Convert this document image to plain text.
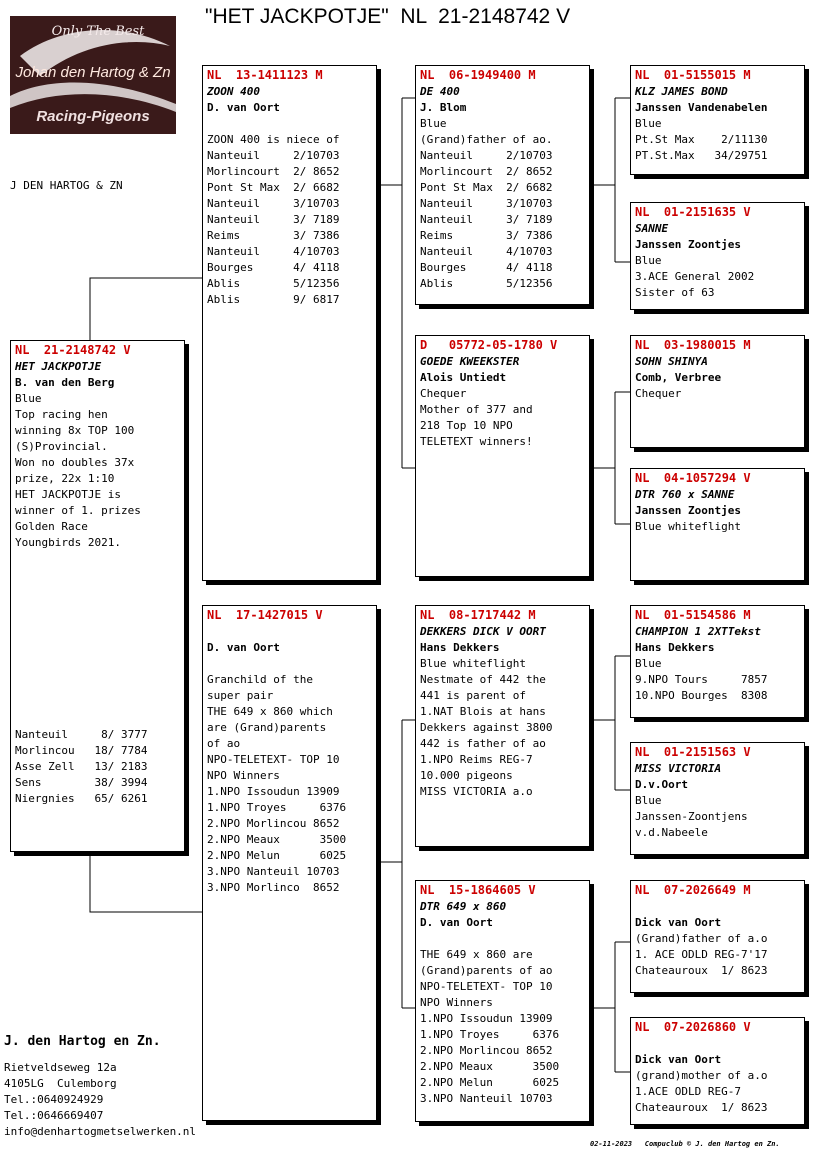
"HET JACKPOTJE"  NL  21-2148742 V
Only The Best
Johan den Hartog & Zn
Racing-Pigeons
J DEN HARTOG & ZN
NL  21-2148742 V
HET JACKPOTJE
B. van den Berg
Blue
Top racing hen
winning 8x TOP 100
(S)Provincial.
Won no doubles 37x
prize, 22x 1:10
HET JACKPOTJE is
winner of 1. prizes
Golden Race
Youngbirds 2021.
Nanteuil     8/ 3777
Morlincou   18/ 7784
Asse Zell   13/ 2183
Sens        38/ 3994
Niergnies   65/ 6261
NL  13-1411123 M
ZOON 400
D. van Oort
ZOON 400 is niece of
Nanteuil     2/10703
Morlincourt  2/ 8652
Pont St Max  2/ 6682
Nanteuil     3/10703
Nanteuil     3/ 7189
Reims        3/ 7386
Nanteuil     4/10703
Bourges      4/ 4118
Ablis        5/12356
Ablis        9/ 6817
NL  17-1427015 V
D. van Oort
Granchild of the
super pair
THE 649 x 860 which
are (Grand)parents
of ao
NPO-TELETEXT- TOP 10
NPO Winners
1.NPO Issoudun 13909
1.NPO Troyes     6376
2.NPO Morlincou 8652
2.NPO Meaux      3500
2.NPO Melun      6025
3.NPO Nanteuil 10703
3.NPO Morlinco  8652
NL  06-1949400 M
DE 400
J. Blom
Blue
(Grand)father of ao.
Nanteuil     2/10703
Morlincourt  2/ 8652
Pont St Max  2/ 6682
Nanteuil     3/10703
Nanteuil     3/ 7189
Reims        3/ 7386
Nanteuil     4/10703
Bourges      4/ 4118
Ablis        5/12356
D   05772-05-1780 V
GOEDE KWEEKSTER
Alois Untiedt
Chequer
Mother of 377 and
218 Top 10 NPO
TELETEXT winners!
NL  08-1717442 M
DEKKERS DICK V OORT
Hans Dekkers
Blue whiteflight
Nestmate of 442 the
441 is parent of
1.NAT Blois at hans
Dekkers against 3800
442 is father of ao
1.NPO Reims REG-7
10.000 pigeons
MISS VICTORIA a.o
NL  15-1864605 V
DTR 649 x 860
D. van Oort
THE 649 x 860 are
(Grand)parents of ao
NPO-TELETEXT- TOP 10
NPO Winners
1.NPO Issoudun 13909
1.NPO Troyes     6376
2.NPO Morlincou 8652
2.NPO Meaux      3500
2.NPO Melun      6025
3.NPO Nanteuil 10703
NL  01-5155015 M
KLZ JAMES BOND
Janssen Vandenabelen
Blue
Pt.St Max    2/11130
PT.St.Max   34/29751
NL  01-2151635 V
SANNE
Janssen Zoontjes
Blue
3.ACE General 2002
Sister of 63
NL  03-1980015 M
SOHN SHINYA
Comb, Verbree
Chequer
NL  04-1057294 V
DTR 760 x SANNE
Janssen Zoontjes
Blue whiteflight
NL  01-5154586 M
CHAMPION 1 2XTTekst
Hans Dekkers
Blue
9.NPO Tours     7857
10.NPO Bourges  8308
NL  01-2151563 V
MISS VICTORIA
D.v.Oort
Blue
Janssen-Zoontjens
v.d.Nabeele
NL  07-2026649 M
Dick van Oort
(Grand)father of a.o
1. ACE ODLD REG-7'17
Chateauroux  1/ 8623
NL  07-2026860 V
Dick van Oort
(grand)mother of a.o
1.ACE ODLD REG-7
Chateauroux  1/ 8623
J. den Hartog en Zn.
Rietveldseweg 12a
4105LG  Culemborg
Tel.:0640924929
Tel.:0646669407
info@denhartogmetselwerken.nl
02-11-2023   Compuclub © J. den Hartog en Zn.
